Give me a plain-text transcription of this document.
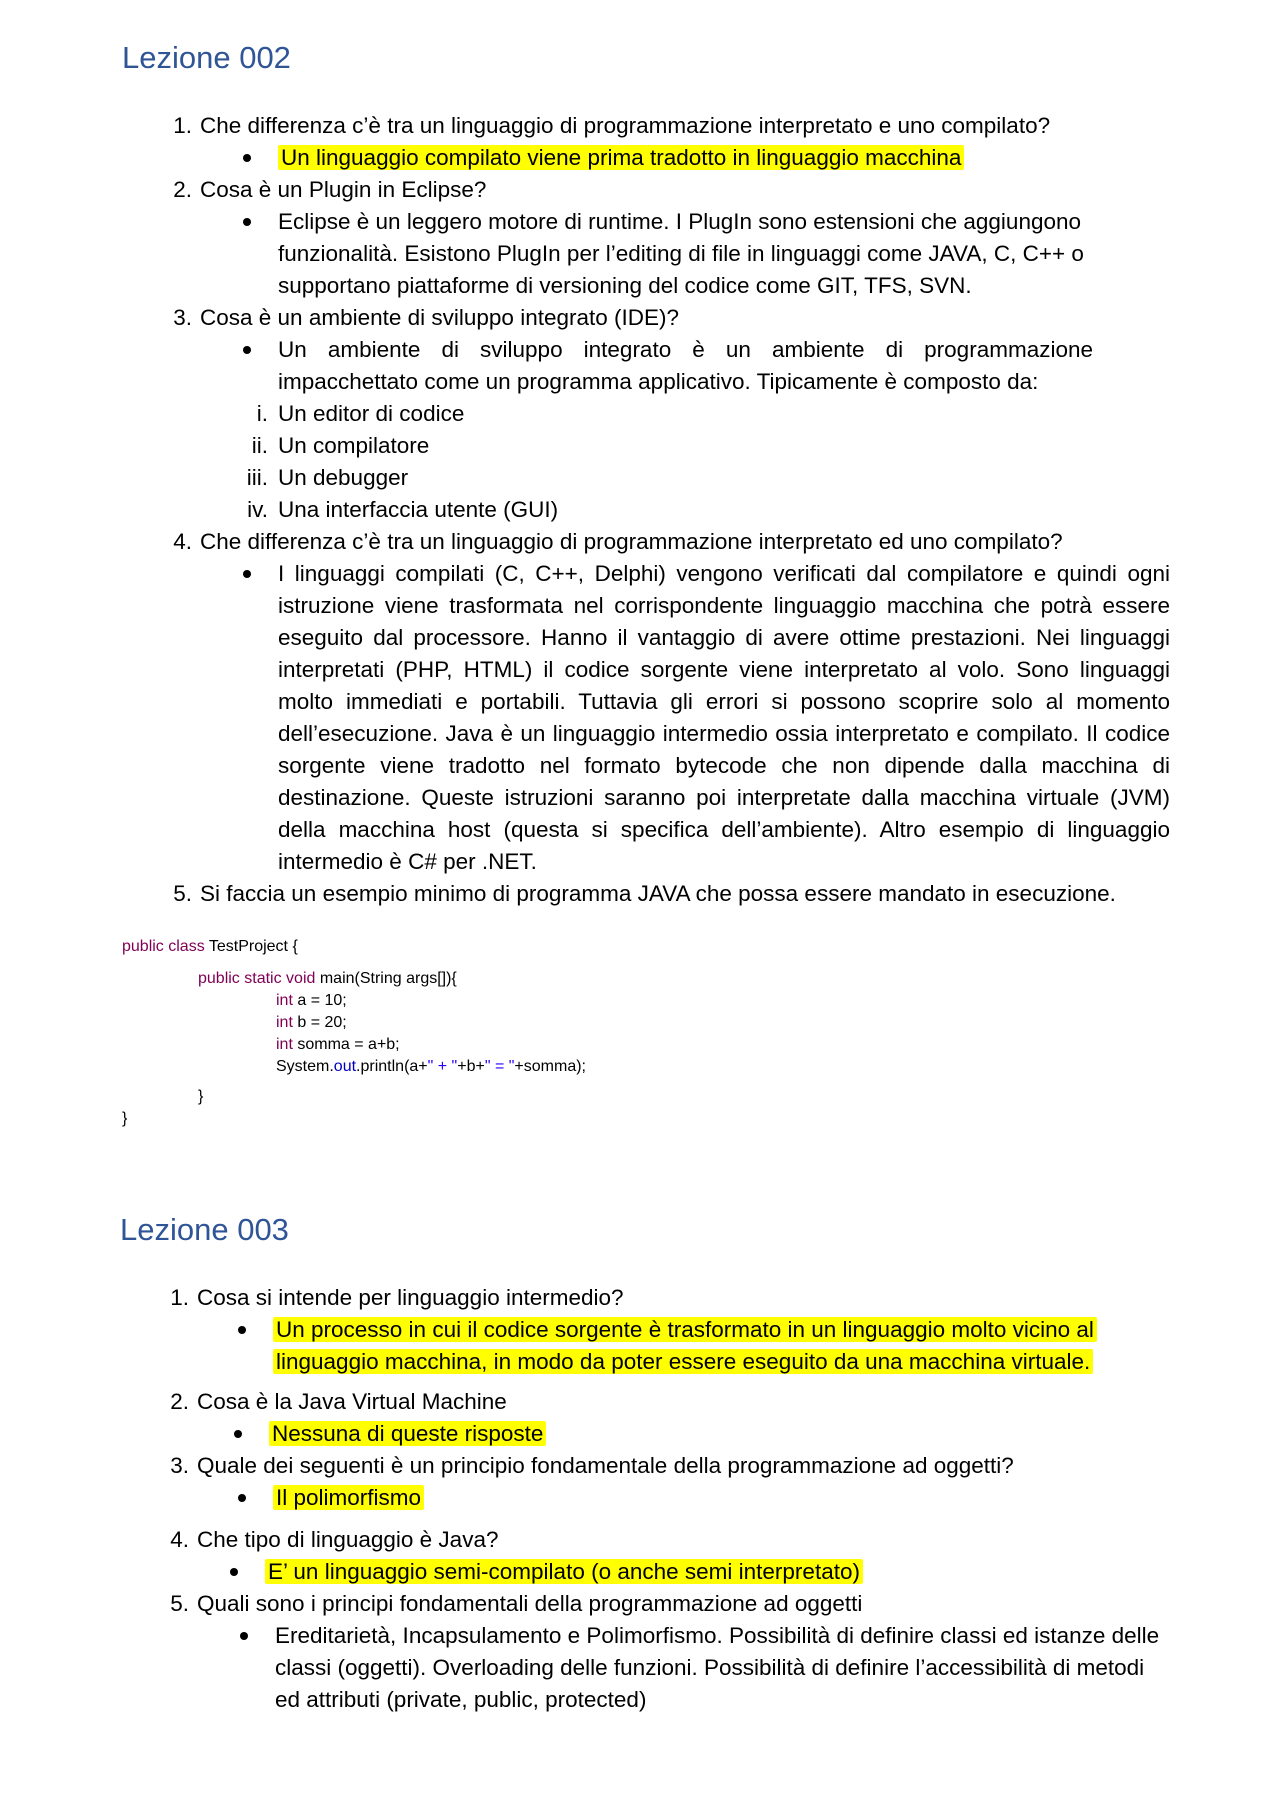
Lezione 002
1. Che differenza c’è tra un linguaggio di programmazione interpretato e uno compilato?
Un linguaggio compilato viene prima tradotto in linguaggio macchina
2. Cosa è un Plugin in Eclipse?
Eclipse è un leggero motore di runtime. I PlugIn sono estensioni che aggiungono funzionalità. Esistono PlugIn per l’editing di file in linguaggi come JAVA, C, C++ o supportano piattaforme di versioning del codice come GIT, TFS, SVN.
3. Cosa è un ambiente di sviluppo integrato (IDE)?
Un ambiente di sviluppo integrato è un ambiente di programmazione impacchettato come un programma applicativo. Tipicamente è composto da:
i. Un editor di codice
ii. Un compilatore
iii. Un debugger
iv. Una interfaccia utente (GUI)
4. Che differenza c’è tra un linguaggio di programmazione interpretato ed uno compilato?
I linguaggi compilati (C, C++, Delphi) vengono verificati dal compilatore e quindi ogni istruzione viene trasformata nel corrispondente linguaggio macchina che potrà essere eseguito dal processore. Hanno il vantaggio di avere ottime prestazioni. Nei linguaggi interpretati (PHP, HTML) il codice sorgente viene interpretato al volo. Sono linguaggi molto immediati e portabili. Tuttavia gli errori si possono scoprire solo al momento dell’esecuzione. Java è un linguaggio intermedio ossia interpretato e compilato. Il codice sorgente viene tradotto nel formato bytecode che non dipende dalla macchina di destinazione. Queste istruzioni saranno poi interpretate dalla macchina virtuale (JVM) della macchina host (questa si specifica dell’ambiente). Altro esempio di linguaggio intermedio è C# per .NET.
5. Si faccia un esempio minimo di programma JAVA che possa essere mandato in esecuzione.

public class TestProject {

public static void main(String args[]){

int a = 10;

int b = 20;

int somma = a+b;

System.out.println(a+" + "+b+" = "+somma);

}

}

Lezione 003
1. Cosa si intende per linguaggio intermedio?
Un processo in cui il codice sorgente è trasformato in un linguaggio molto vicino al
linguaggio macchina, in modo da poter essere eseguito da una macchina virtuale.
2. Cosa è la Java Virtual Machine
Nessuna di queste risposte
3. Quale dei seguenti è un principio fondamentale della programmazione ad oggetti?
Il polimorfismo
4. Che tipo di linguaggio è Java?
E’ un linguaggio semi-compilato (o anche semi interpretato)
5. Quali sono i principi fondamentali della programmazione ad oggetti
Ereditarietà, Incapsulamento e Polimorfismo. Possibilità di definire classi ed istanze delle classi (oggetti). Overloading delle funzioni. Possibilità di definire l’accessibilità di metodi ed attributi (private, public, protected)
